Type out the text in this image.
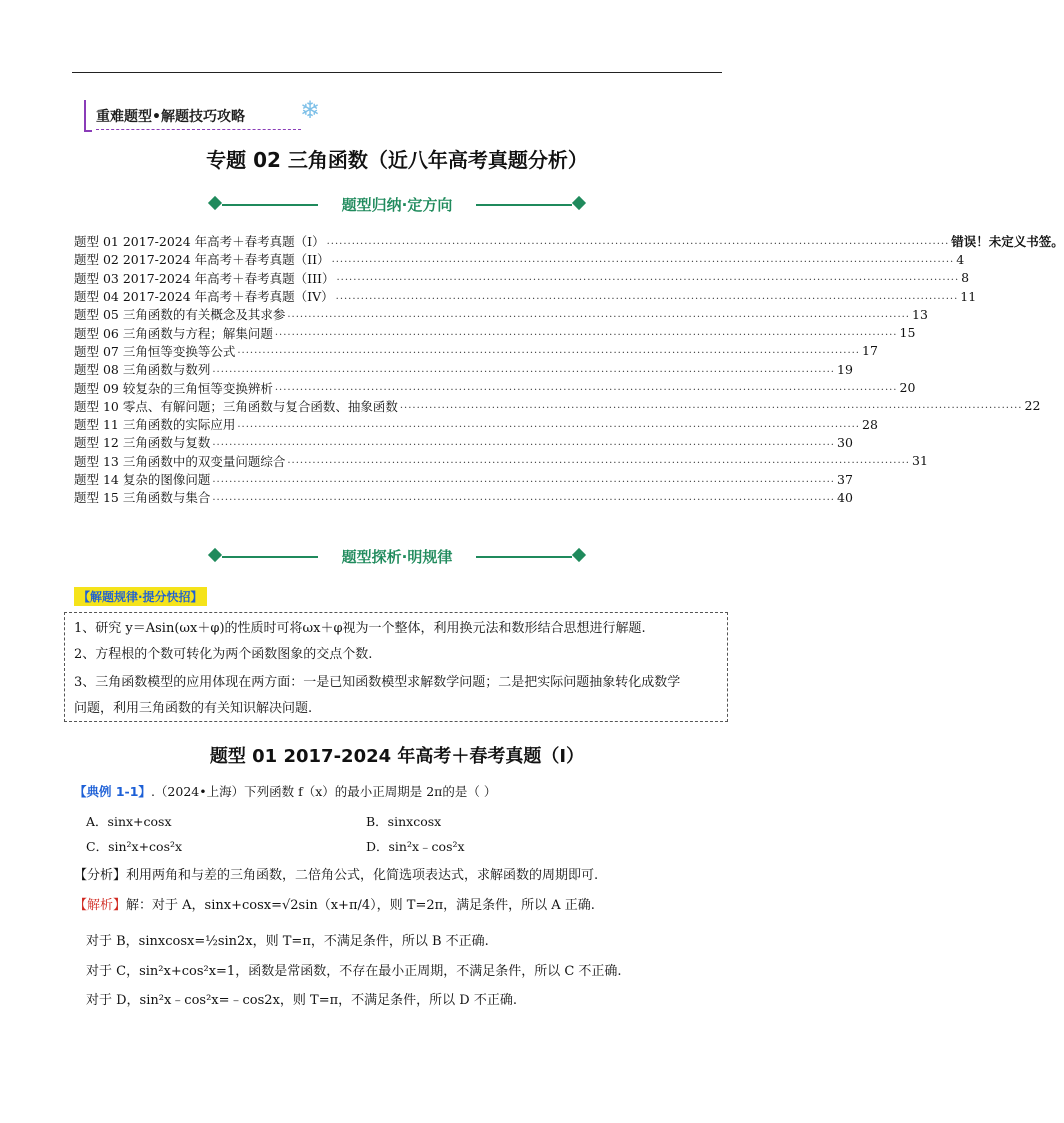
重难题型•解题技巧攻略 ❄
专题 02 三角函数（近八年高考真题分析）
题型归纳·定方向
题型 01 2017-2024 年高考＋春考真题（I） ..................................................................................................................................................... 错误！未定义书签。
题型 02 2017-2024 年高考＋春考真题（II） ..................................................................................................................................................... 4
题型 03 2017-2024 年高考＋春考真题（III） ..................................................................................................................................................... 8
题型 04 2017-2024 年高考＋春考真题（IV） ..................................................................................................................................................... 11
题型 05 三角函数的有关概念及其求参 ..................................................................................................................................................... 13
题型 06 三角函数与方程；解集问题 ..................................................................................................................................................... 15
题型 07 三角恒等变换等公式 ..................................................................................................................................................... 17
题型 08 三角函数与数列 ..................................................................................................................................................... 19
题型 09 较复杂的三角恒等变换辨析 ..................................................................................................................................................... 20
题型 10 零点、有解问题；三角函数与复合函数、抽象函数 ..................................................................................................................................................... 22
题型 11 三角函数的实际应用 ..................................................................................................................................................... 28
题型 12 三角函数与复数 ..................................................................................................................................................... 30
题型 13 三角函数中的双变量问题综合 ..................................................................................................................................................... 31
题型 14 复杂的图像问题 ..................................................................................................................................................... 37
题型 15 三角函数与集合 ..................................................................................................................................................... 40
题型探析·明规律
【解题规律·提分快招】
1、研究 y＝Asin(ωx＋φ)的性质时可将ωx＋φ视为一个整体，利用换元法和数形结合思想进行解题.
2、方程根的个数可转化为两个函数图象的交点个数.
3、三角函数模型的应用体现在两方面：一是已知函数模型求解数学问题；二是把实际问题抽象转化成数学
问题，利用三角函数的有关知识解决问题.
题型 01 2017-2024 年高考＋春考真题（I）
【典例 1-1】.（2024•上海）下列函数 f（x）的最小正周期是 2π的是（ ）
A．sinx+cosx	B．sinxcosx
C．sin²x+cos²x	D．sin²x﹣cos²x
【分析】利用两角和与差的三角函数，二倍角公式，化简选项表达式，求解函数的周期即可.
【解析】解：对于 A，sinx+cosx=√2sin（x+π/4），则 T=2π，满足条件，所以 A 正确.
对于 B，sinxcosx=½sin2x，则 T=π，不满足条件，所以 B 不正确.
对于 C，sin²x+cos²x=1，函数是常函数，不存在最小正周期，不满足条件，所以 C 不正确.
对于 D，sin²x﹣cos²x=﹣cos2x，则 T=π，不满足条件，所以 D 不正确.
